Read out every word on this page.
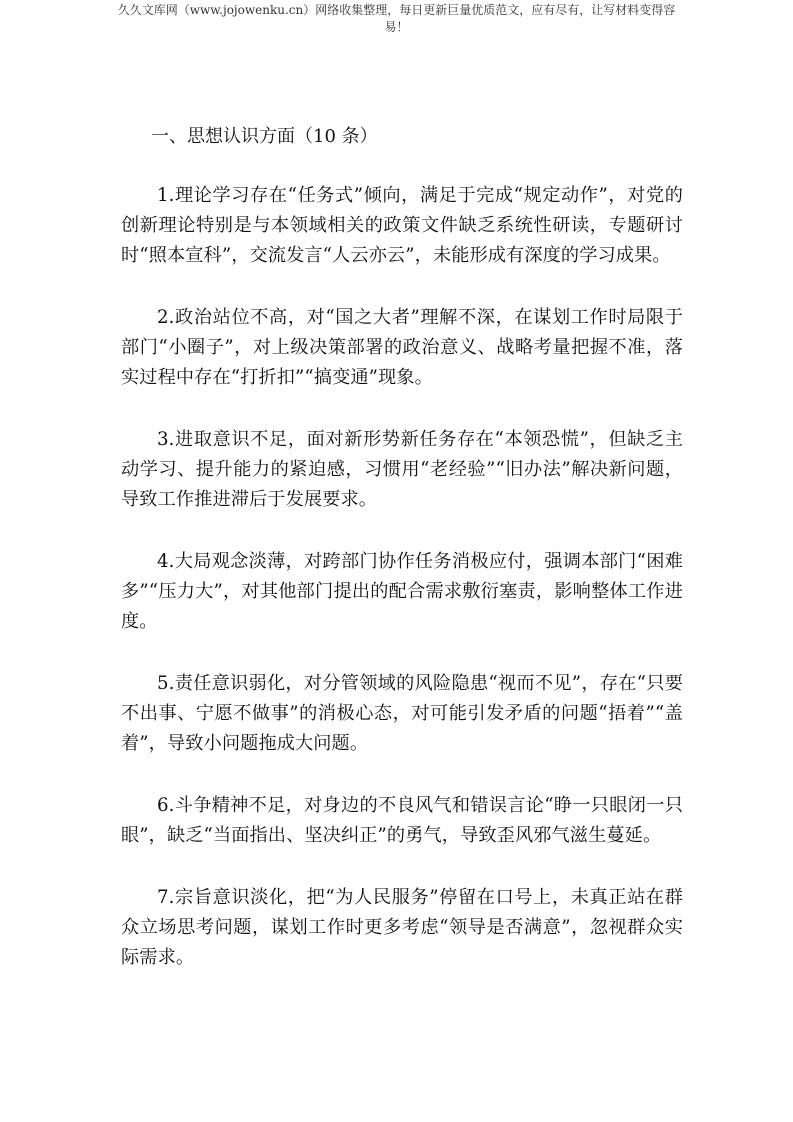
久久文库网（www.jojowenku.cn）网络收集整理，每日更新巨量优质范文，应有尽有，让写材料变得容
易！
一、思想认识方面（10 条）

1.理论学习存在“任务式”倾向，满足于完成“规定动作”，对党的创新理论特别是与本领域相关的政策文件缺乏系统性研读，专题研讨时“照本宣科”，交流发言“人云亦云”，未能形成有深度的学习成果。

2.政治站位不高，对“国之大者”理解不深，在谋划工作时局限于部门“小圈子”，对上级决策部署的政治意义、战略考量把握不准，落实过程中存在“打折扣”“搞变通”现象。

3.进取意识不足，面对新形势新任务存在“本领恐慌”，但缺乏主动学习、提升能力的紧迫感，习惯用“老经验”“旧办法”解决新问题，导致工作推进滞后于发展要求。

4.大局观念淡薄，对跨部门协作任务消极应付，强调本部门“困难多”“压力大”，对其他部门提出的配合需求敷衍塞责，影响整体工作进度。

5.责任意识弱化，对分管领域的风险隐患“视而不见”，存在“只要不出事、宁愿不做事”的消极心态，对可能引发矛盾的问题“捂着”“盖着”，导致小问题拖成大问题。

6.斗争精神不足，对身边的不良风气和错误言论“睁一只眼闭一只眼”，缺乏“当面指出、坚决纠正”的勇气，导致歪风邪气滋生蔓延。

7.宗旨意识淡化，把“为人民服务”停留在口号上，未真正站在群众立场思考问题，谋划工作时更多考虑“领导是否满意”，忽视群众实际需求。
